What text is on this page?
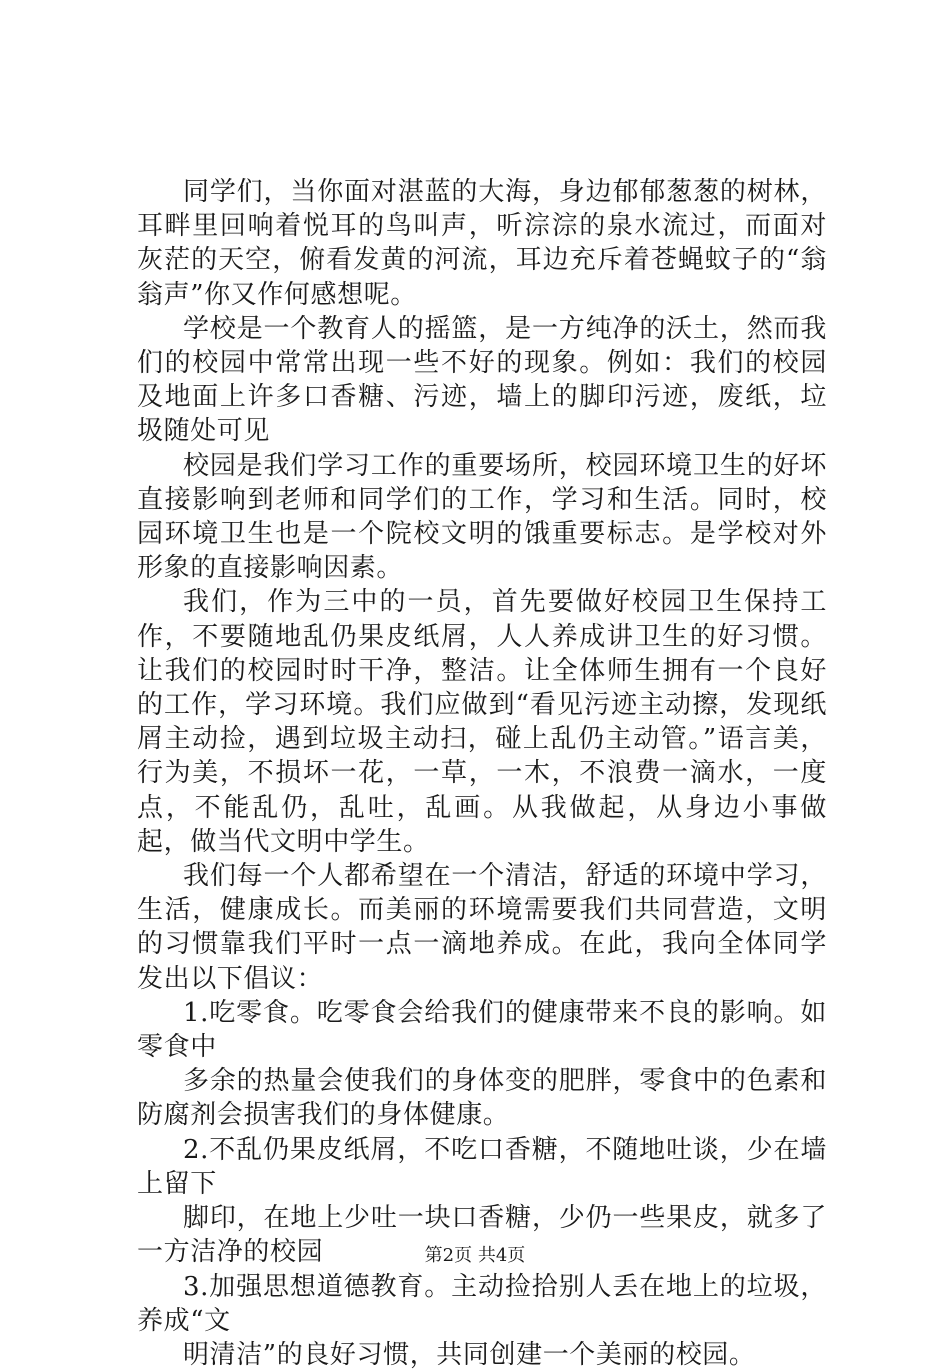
同学们，当你面对湛蓝的大海，身边郁郁葱葱的树林，耳畔里回响着悦耳的鸟叫声，听淙淙的泉水流过，而面对灰茫的天空，俯看发黄的河流，耳边充斥着苍蝇蚊子的“翁翁声”你又作何感想呢。

学校是一个教育人的摇篮，是一方纯净的沃土，然而我们的校园中常常出现一些不好的现象。例如：我们的校园及地面上许多口香糖、污迹，墙上的脚印污迹，废纸，垃圾随处可见

校园是我们学习工作的重要场所，校园环境卫生的好坏直接影响到老师和同学们的工作，学习和生活。同时，校园环境卫生也是一个院校文明的饿重要标志。是学校对外形象的直接影响因素。

我们，作为三中的一员，首先要做好校园卫生保持工作，不要随地乱仍果皮纸屑，人人养成讲卫生的好习惯。让我们的校园时时干净，整洁。让全体师生拥有一个良好的工作，学习环境。我们应做到“看见污迹主动擦，发现纸屑主动捡，遇到垃圾主动扫，碰上乱仍主动管。”语言美，行为美，不损坏一花，一草，一木，不浪费一滴水，一度点，不能乱仍，乱吐，乱画。从我做起，从身边小事做起，做当代文明中学生。

我们每一个人都希望在一个清洁，舒适的环境中学习，生活，健康成长。而美丽的环境需要我们共同营造，文明的习惯靠我们平时一点一滴地养成。在此，我向全体同学发出以下倡议：

1.吃零食。吃零食会给我们的健康带来不良的影响。如零食中

多余的热量会使我们的身体变的肥胖，零食中的色素和防腐剂会损害我们的身体健康。

2.不乱仍果皮纸屑，不吃口香糖，不随地吐谈，少在墙上留下

脚印，在地上少吐一块口香糖，少仍一些果皮，就多了一方洁净的校园

3.加强思想道德教育。主动捡拾别人丢在地上的垃圾，养成“文

明清洁”的良好习惯，共同创建一个美丽的校园。

第2页 共4页
